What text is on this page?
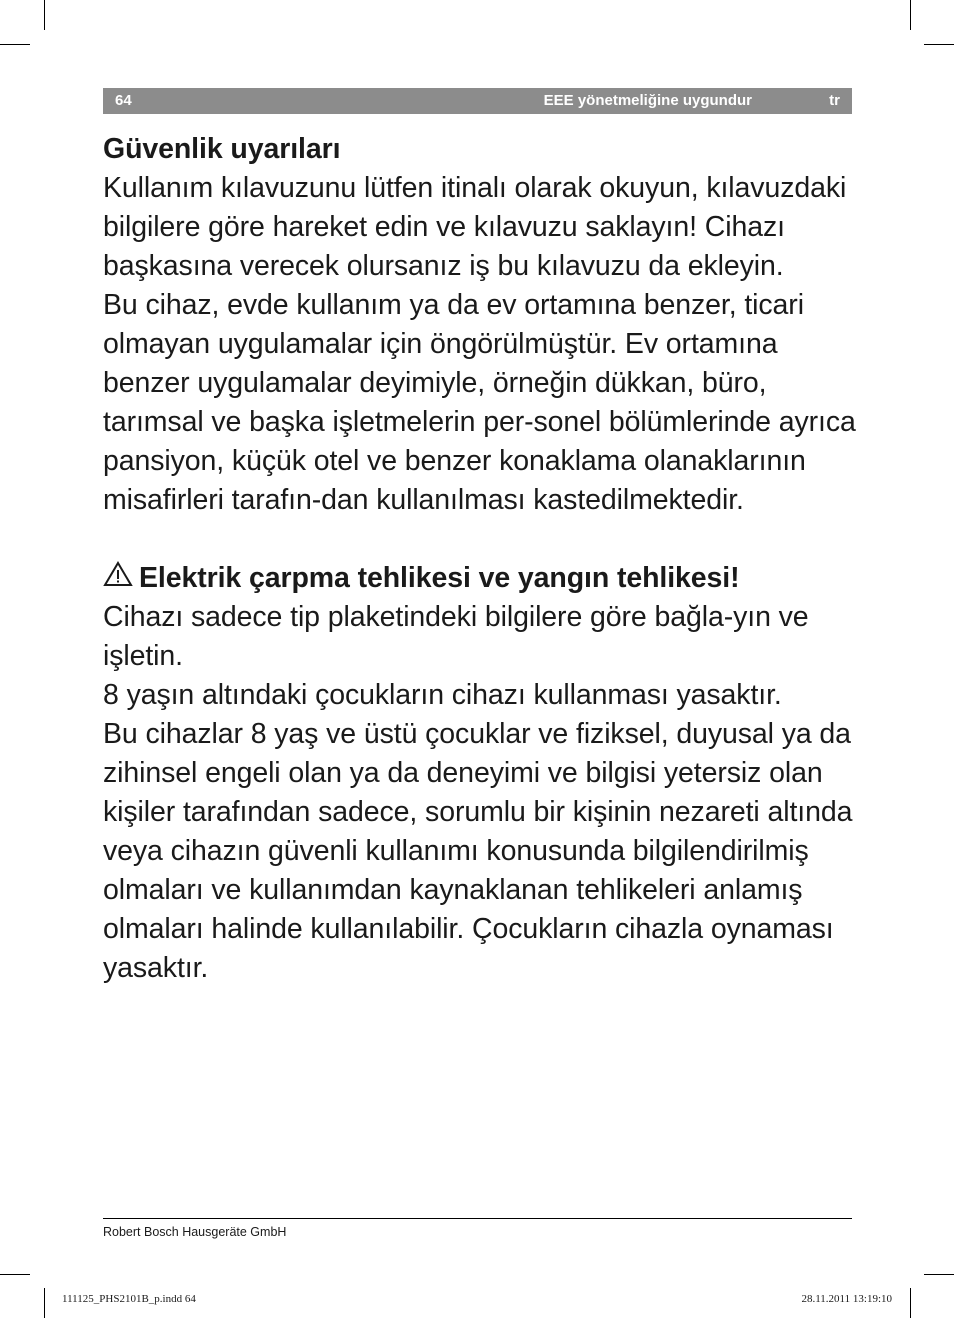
64	EEE yönetmeliğine uygundur	tr
Güvenlik uyarıları

Kullanım kılavuzunu lütfen itinalı olarak okuyun, kılavuzdaki bilgilere göre hareket edin ve kılavuzu saklayın! Cihazı başkasına verecek olursanız iş bu kılavuzu da ekleyin.

Bu cihaz, evde kullanım ya da ev ortamına benzer, ticari olmayan uygulamalar için öngörülmüştür. Ev ortamına benzer uygulamalar deyimiyle, örneğin dükkan, büro, tarımsal ve başka işletmelerin per-sonel bölümlerinde ayrıca pansiyon, küçük otel ve benzer konaklama olanaklarının misafirleri tarafın-dan kullanılması kastedilmektedir.

Elektrik çarpma tehlikesi ve yangın tehlikesi!

Cihazı sadece tip plaketindeki bilgilere göre bağla-yın ve işletin.

8 yaşın altındaki çocukların cihazı kullanması yasaktır.

Bu cihazlar 8 yaş ve üstü çocuklar ve fiziksel, duyusal ya da zihinsel engeli olan ya da deneyimi ve bilgisi yetersiz olan kişiler tarafından sadece, sorumlu bir kişinin nezareti altında veya cihazın güvenli kullanımı konusunda bilgilendirilmiş olmaları ve kullanımdan kaynaklanan tehlikeleri anlamış olmaları halinde kullanılabilir. Çocukların cihazla oynaması yasaktır.

Robert Bosch Hausgeräte GmbH
111125_PHS2101B_p.indd 64	28.11.2011 13:19:10
